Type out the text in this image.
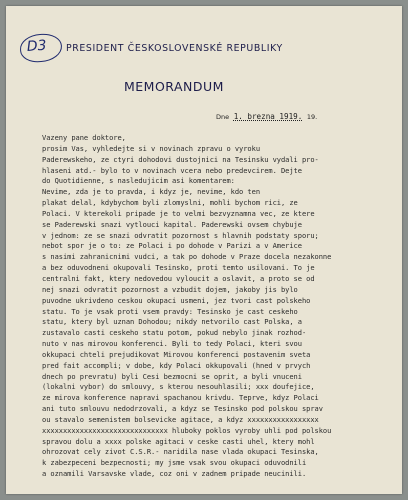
D3 PRESIDENT ČESKOSLOVENSKÉ REPUBLIKY
MEMORANDUM
Dne 1. brezna 1919. 19.
Vazeny pane doktore,
prosim Vas, vyhledejte si v novinach zpravu o vyroku
Paderewskeho, ze ctyri dohodovi dustojnici na Tesinsku vydali pro-
hlaseni atd.- bylo to v novinach vcera nebo predevcirem. Dejte
do Quotidienne, s nasledujicim asi komentarem:
Nevime, zda je to pravda, i kdyz je, nevime, kdo ten
plakat delal, kdybychom byli zlomyslni, mohli bychom rici, ze
Polaci. V kterekoli pripade je to velmi bezvyznamna vec, ze ktere
se Paderewski snazi vytlouci kapital. Paderewski ovsem chybuje
v jednom: ze se snazi odvratit pozornost s hlavnih podstaty sporu;
nebot spor je o to: ze Polaci i po dohode v Parizi a v Americe
s nasimi zahranicnimi vudci, a tak po dohode v Praze docela nezakonne
a bez oduvodneni okupovali Tesinsko, proti temto usilovani. To je
centralni fakt, ktery nedovedou vyloucit a oslavit, a proto se od
nej snazi odvratit pozornost a vzbudit dojem, jakoby jis bylo
puvodne ukrivdeno ceskou okupaci usmeni, jez tvori cast polskeho
statu. To je vsak proti vsem pravdy: Tesinsko je cast ceskeho
statu, ktery byl uznan Dohodou; nikdy netvorilo cast Polska, a
zustavalo casti ceskeho statu potom, pokud nebylo jinak rozhod-
nuto v nas mirovou konferenci. Byli to tedy Polaci, kteri svou
okkupaci chteli prejudikovat Mirovou konferenci postavenim sveta
pred fait accompli; v dobe, kdy Polaci okkupovali (hned v prvych
dnech po prevratu) byli Cesi bezmocni se oprit, a byli vnuceni
(lokalni vybor) do smlouvy, s kterou nesouhlasili; xxx doufejice,
ze mirova konference napravi spachanou krivdu. Teprve, kdyz Polaci
ani tuto smlouvu nedodrzovali, a kdyz se Tesinsko pod polskou sprav
ou stavalo semenistem bolsevicke agitace, a kdyz xxxxxxxxxxxxxxxxx
xxxxxxxxxxxxxxxxxxxxxxxxxxxxxx hluboky poklos vyroby uhli pod polskou
spravou dolu a xxxx polske agitaci v ceske casti uhel, ktery mohl
ohrozovat cely zivot C.S.R.- naridila nase vlada okupaci Tesinska,
k zabezpeceni bezpecnosti; my jsme vsak svou okupaci oduvodnili
a oznamili Varsavske vlade, coz oni v zadnem pripade neucinili.
